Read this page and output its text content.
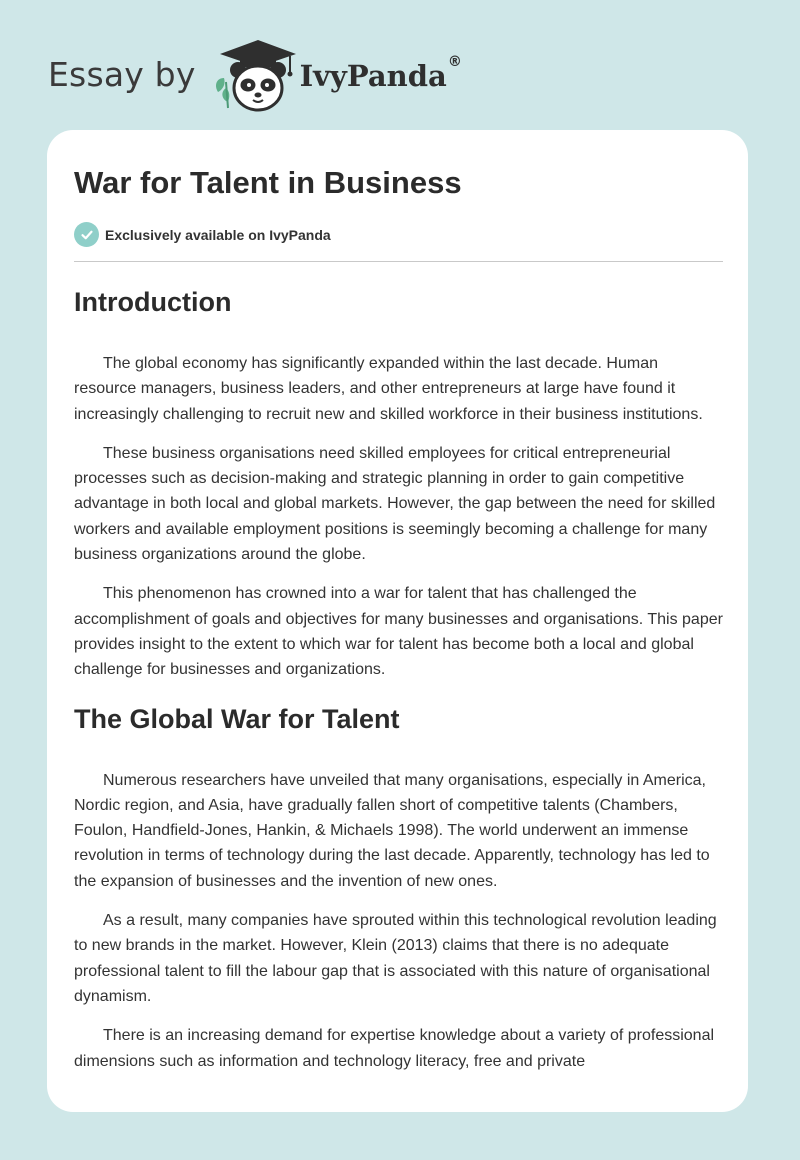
Essay by	IvyPanda ®
War for Talent in Business
Exclusively available on IvyPanda
Introduction

The global economy has significantly expanded within the last decade. Human resource managers, business leaders, and other entrepreneurs at large have found it increasingly challenging to recruit new and skilled workforce in their business institutions.

These business organisations need skilled employees for critical entrepreneurial processes such as decision-making and strategic planning in order to gain competitive advantage in both local and global markets. However, the gap between the need for skilled workers and available employment positions is seemingly becoming a challenge for many business organizations around the globe.

This phenomenon has crowned into a war for talent that has challenged the accomplishment of goals and objectives for many businesses and organisations. This paper provides insight to the extent to which war for talent has become both a local and global challenge for businesses and organizations.

The Global War for Talent

Numerous researchers have unveiled that many organisations, especially in America, Nordic region, and Asia, have gradually fallen short of competitive talents (Chambers, Foulon, Handfield-Jones, Hankin, & Michaels 1998). The world underwent an immense revolution in terms of technology during the last decade. Apparently, technology has led to the expansion of businesses and the invention of new ones.

As a result, many companies have sprouted within this technological revolution leading to new brands in the market. However, Klein (2013) claims that there is no adequate professional talent to fill the labour gap that is associated with this nature of organisational dynamism.

There is an increasing demand for expertise knowledge about a variety of professional dimensions such as information and technology literacy, free and private
